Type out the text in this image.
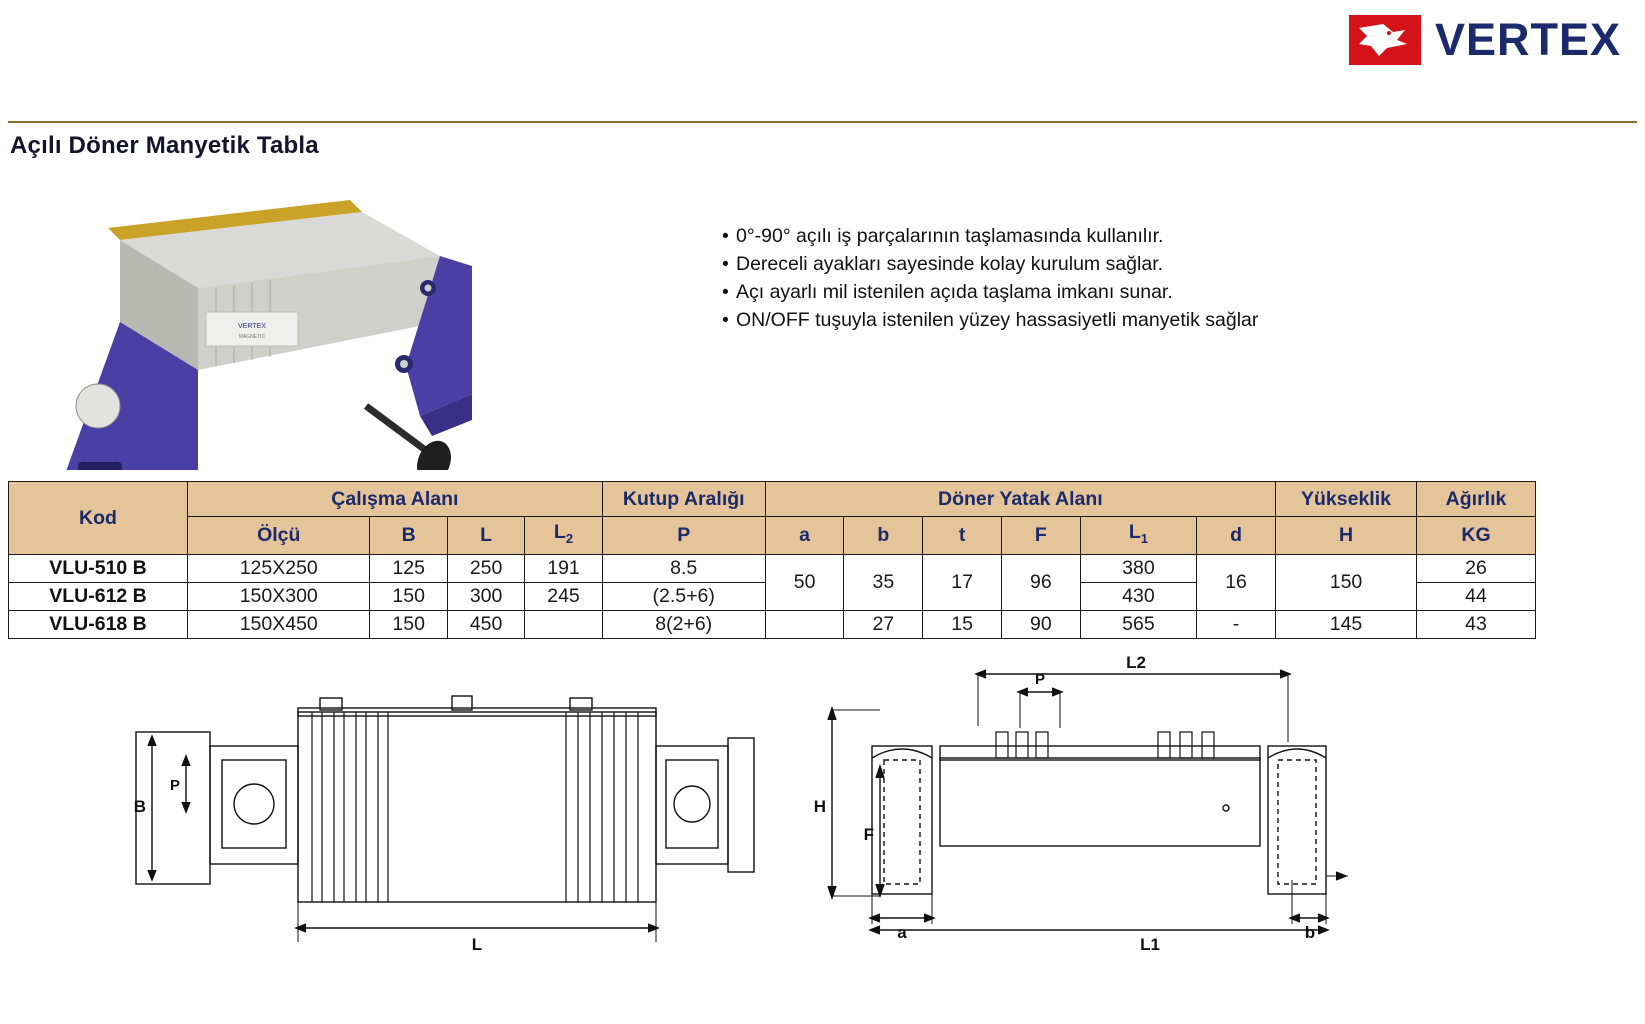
VERTEX
Açılı Döner Manyetik Tabla
VERTEX
MAGNETIC
• 0°-90° açılı iş parçalarının taşlamasında kullanılır.
• Dereceli ayakları sayesinde kolay kurulum sağlar.
• Açı ayarlı mil istenilen açıda taşlama imkanı sunar.
• ON/OFF tuşuyla istenilen yüzey hassasiyetli manyetik sağlar
Kod	Çalışma Alanı				Kutup Aralığı	Döner Yatak Alanı						Yükseklik	Ağırlık
	Ölçü	B	L	$L_2$	P	a	b	t	F	$L_1$	d	H	KG
VLU-510 B	125X250	125	250	191	8.5	50	35	17	96	380	16	150	26
VLU-612 B	150X300	150	300	245	(2.5+6)					430			44
VLU-618 B	150X450	150	450		8(2+6)		27	15	90	565	-	145	43
B
P
L
P
L2
H
F
a
L1
b
